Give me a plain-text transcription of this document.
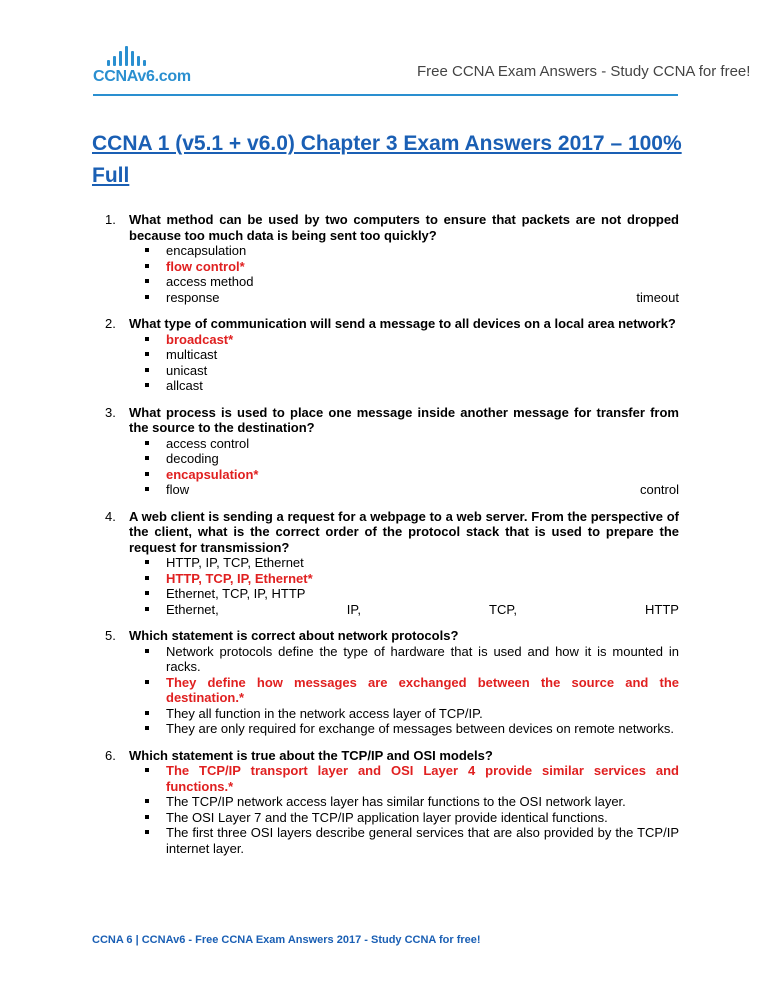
CCNAv6.com	Free CCNA Exam Answers - Study CCNA for free!
CCNA 1 (v5.1 + v6.0) Chapter 3 Exam Answers 2017 – 100% Full
1. What method can be used by two computers to ensure that packets are not dropped because too much data is being sent too quickly?
encapsulation
flow control*
access method
response	timeout
2. What type of communication will send a message to all devices on a local area network?
broadcast*
multicast
unicast
allcast
3. What process is used to place one message inside another message for transfer from the source to the destination?
access control
decoding
encapsulation*
flow	control
4. A web client is sending a request for a webpage to a web server. From the perspective of the client, what is the correct order of the protocol stack that is used to prepare the request for transmission?
HTTP, IP, TCP, Ethernet
HTTP, TCP, IP, Ethernet*
Ethernet, TCP, IP, HTTP
Ethernet,	IP,	TCP,	HTTP
5. Which statement is correct about network protocols?
Network protocols define the type of hardware that is used and how it is mounted in racks.
They define how messages are exchanged between the source and the destination.*
They all function in the network access layer of TCP/IP.
They are only required for exchange of messages between devices on remote networks.
6. Which statement is true about the TCP/IP and OSI models?
The TCP/IP transport layer and OSI Layer 4 provide similar services and functions.*
The TCP/IP network access layer has similar functions to the OSI network layer.
The OSI Layer 7 and the TCP/IP application layer provide identical functions.
The first three OSI layers describe general services that are also provided by the TCP/IP internet layer.
CCNA 6 | CCNAv6 - Free CCNA Exam Answers 2017 - Study CCNA for free!
